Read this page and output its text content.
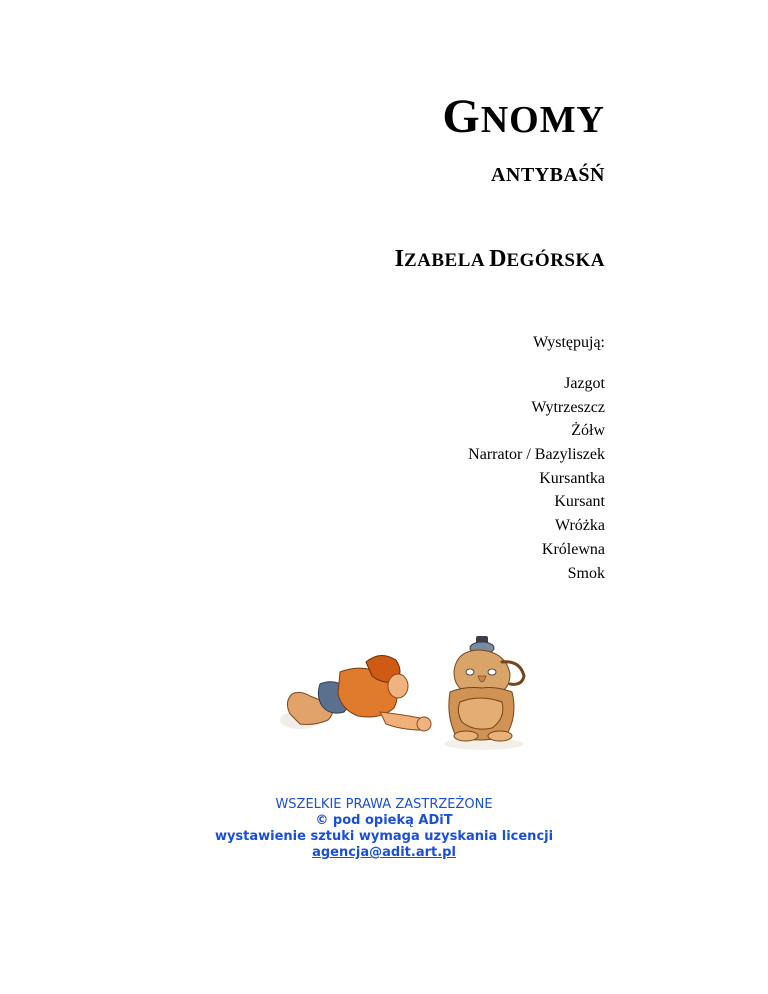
GNOMY
ANTYBAŚŃ
IZABELA DEGÓRSKA
Występują:
Jazgot
Wytrzeszcz
Żółw
Narrator / Bazyliszek
Kursantka
Kursant
Wróżka
Królewna
Smok
WSZELKIE PRAWA ZASTRZEŻONE
© pod opieką ADiT
wystawienie sztuki wymaga uzyskania licencji
agencja@adit.art.pl
